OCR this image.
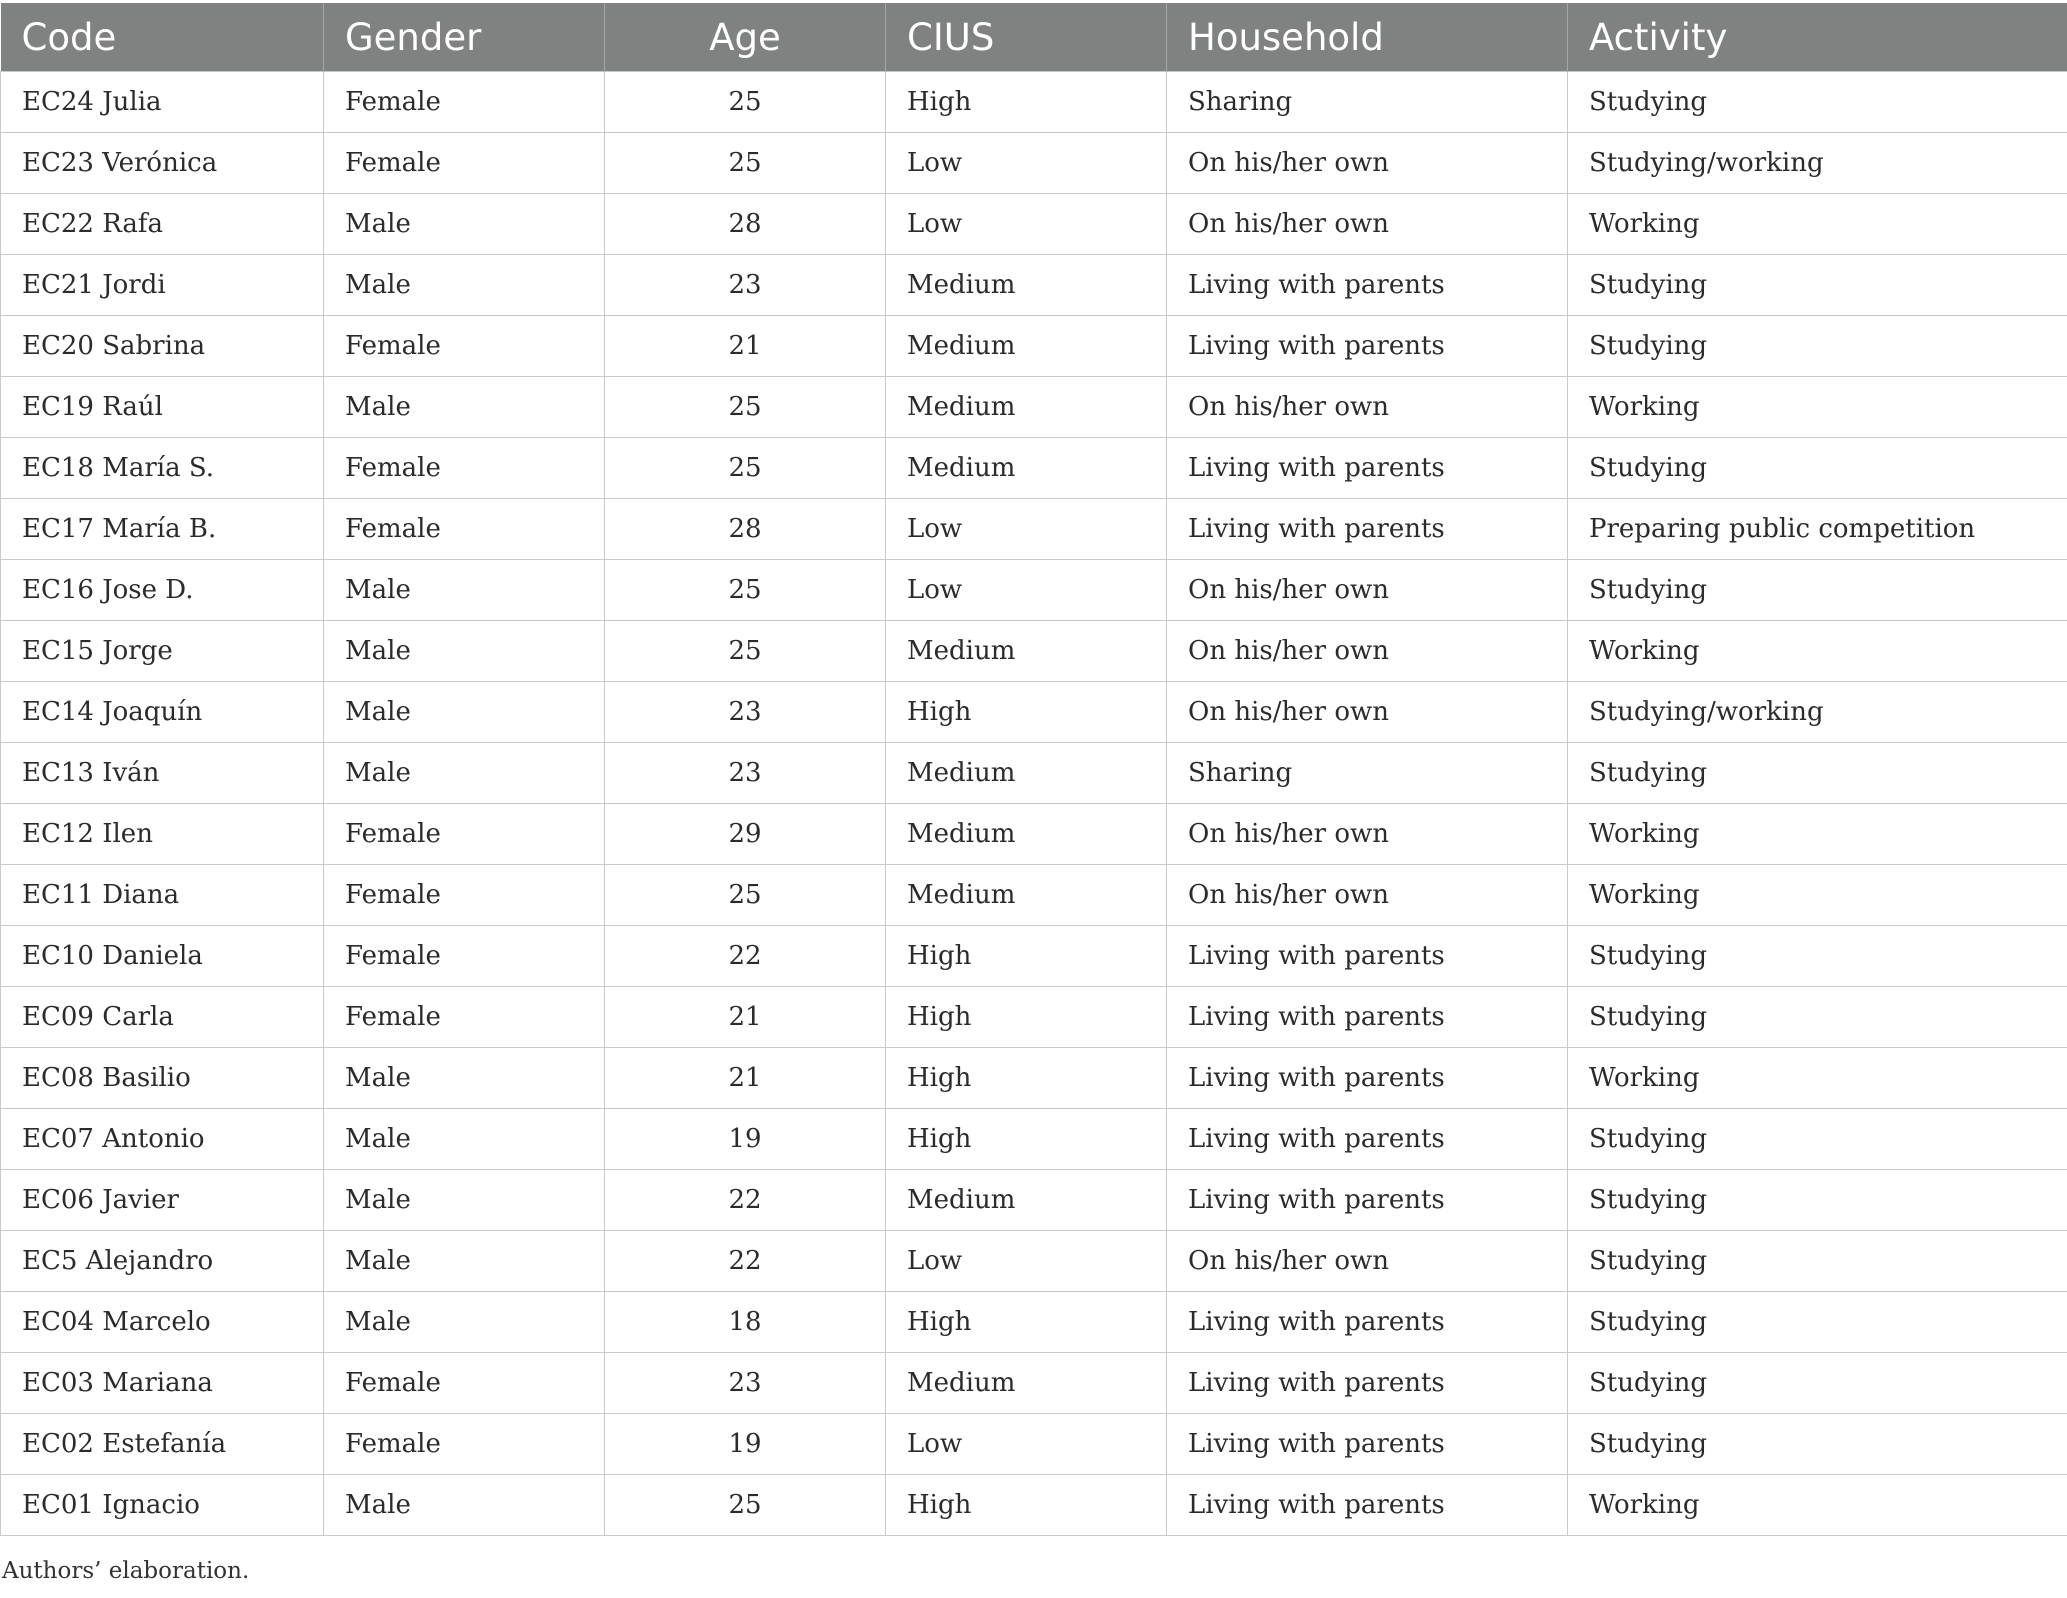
Code	Gender	Age	CIUS	Household	Activity
EC24 Julia	Female	25	High	Sharing	Studying
EC23 Verónica	Female	25	Low	On his/her own	Studying/working
EC22 Rafa	Male	28	Low	On his/her own	Working
EC21 Jordi	Male	23	Medium	Living with parents	Studying
EC20 Sabrina	Female	21	Medium	Living with parents	Studying
EC19 Raúl	Male	25	Medium	On his/her own	Working
EC18 María S.	Female	25	Medium	Living with parents	Studying
EC17 María B.	Female	28	Low	Living with parents	Preparing public competition
EC16 Jose D.	Male	25	Low	On his/her own	Studying
EC15 Jorge	Male	25	Medium	On his/her own	Working
EC14 Joaquín	Male	23	High	On his/her own	Studying/working
EC13 Iván	Male	23	Medium	Sharing	Studying
EC12 Ilen	Female	29	Medium	On his/her own	Working
EC11 Diana	Female	25	Medium	On his/her own	Working
EC10 Daniela	Female	22	High	Living with parents	Studying
EC09 Carla	Female	21	High	Living with parents	Studying
EC08 Basilio	Male	21	High	Living with parents	Working
EC07 Antonio	Male	19	High	Living with parents	Studying
EC06 Javier	Male	22	Medium	Living with parents	Studying
EC5 Alejandro	Male	22	Low	On his/her own	Studying
EC04 Marcelo	Male	18	High	Living with parents	Studying
EC03 Mariana	Female	23	Medium	Living with parents	Studying
EC02 Estefanía	Female	19	Low	Living with parents	Studying
EC01 Ignacio	Male	25	High	Living with parents	Working
Authors’ elaboration.
